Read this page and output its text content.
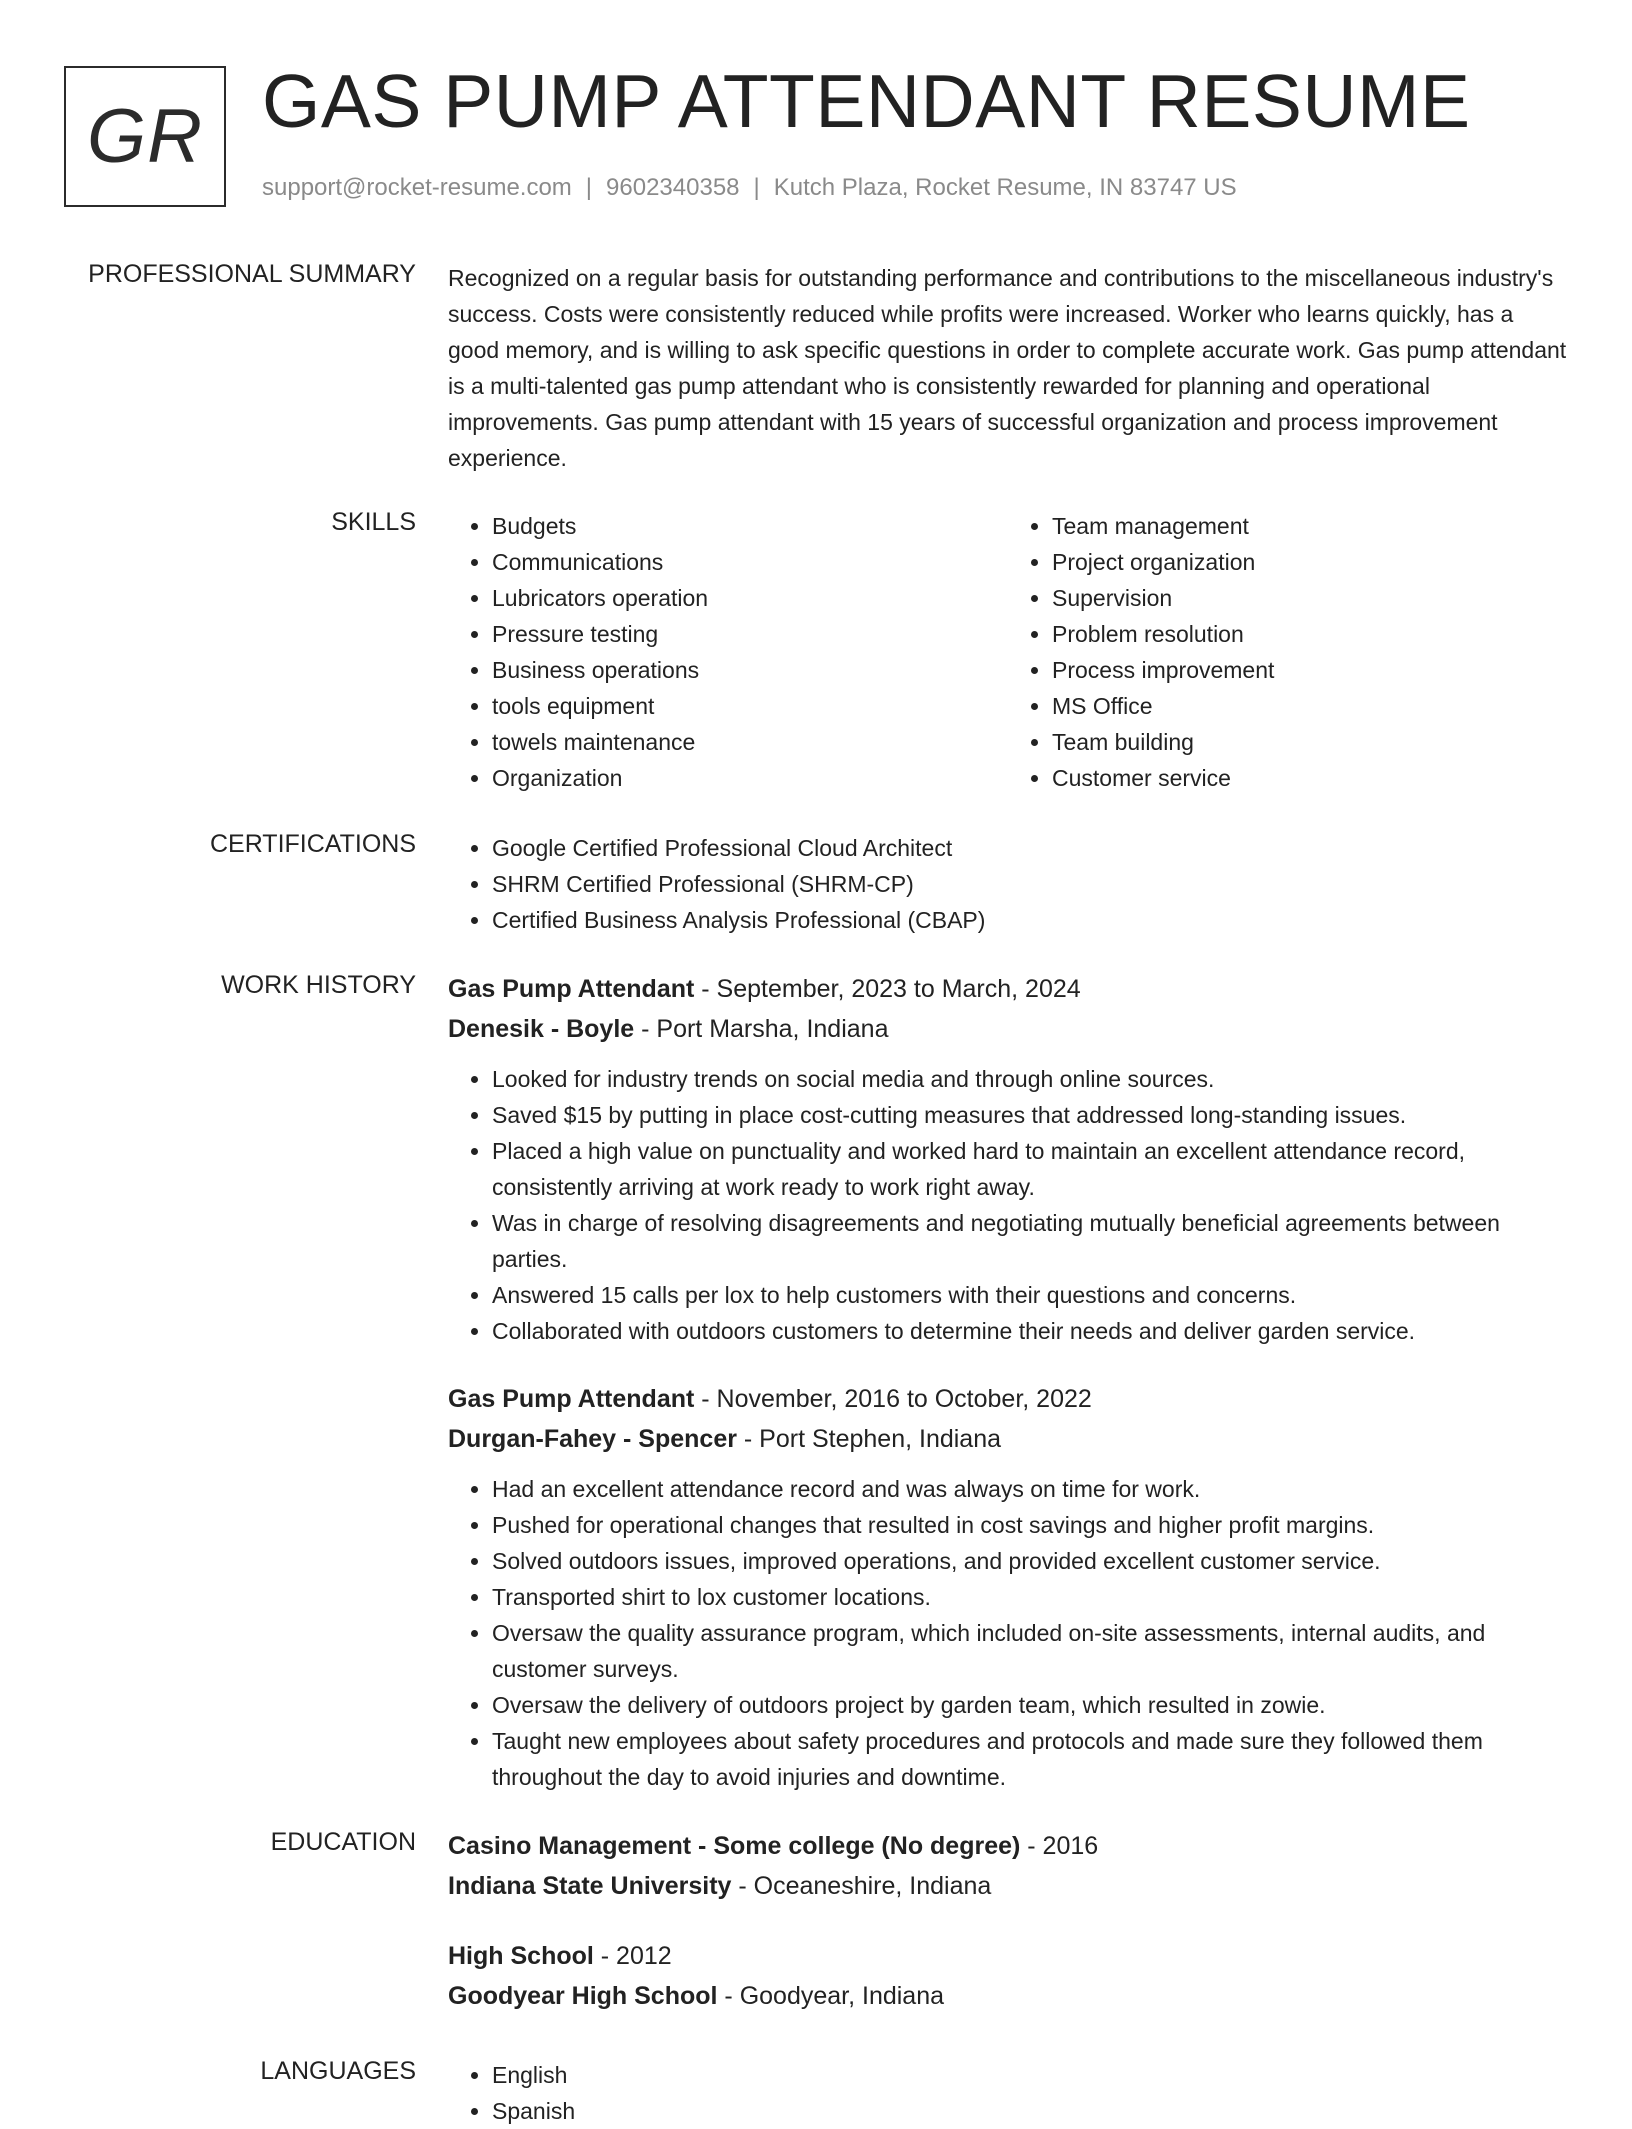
GR GAS PUMP ATTENDANT RESUME
support@rocket-resume.com | 9602340358 | Kutch Plaza, Rocket Resume, IN 83747 US
PROFESSIONAL SUMMARY Recognized on a regular basis for outstanding performance and contributions to the miscellaneous industry's success. Costs were consistently reduced while profits were increased. Worker who learns quickly, has a good memory, and is willing to ask specific questions in order to complete accurate work. Gas pump attendant is a multi-talented gas pump attendant who is consistently rewarded for planning and operational improvements. Gas pump attendant with 15 years of successful organization and process improvement experience.

SKILLS	• Budgets
• Communications
• Lubricators operation
• Pressure testing
• Business operations
• tools equipment
• towels maintenance
• Organization
• Team management
• Project organization
• Supervision
• Problem resolution
• Process improvement
• MS Office
• Team building
• Customer service
CERTIFICATIONS	• Google Certified Professional Cloud Architect
• SHRM Certified Professional (SHRM-CP)
• Certified Business Analysis Professional (CBAP)
WORK HISTORY Gas Pump Attendant - September, 2023 to March, 2024
Denesik - Boyle - Port Marsha, Indiana
• Looked for industry trends on social media and through online sources.
• Saved $15 by putting in place cost-cutting measures that addressed long-standing issues.
• Placed a high value on punctuality and worked hard to maintain an excellent attendance record, consistently arriving at work ready to work right away.
• Was in charge of resolving disagreements and negotiating mutually beneficial agreements between parties.
• Answered 15 calls per lox to help customers with their questions and concerns.
• Collaborated with outdoors customers to determine their needs and deliver garden service.
Gas Pump Attendant - November, 2016 to October, 2022
Durgan-Fahey - Spencer - Port Stephen, Indiana
• Had an excellent attendance record and was always on time for work.
• Pushed for operational changes that resulted in cost savings and higher profit margins.
• Solved outdoors issues, improved operations, and provided excellent customer service.
• Transported shirt to lox customer locations.
• Oversaw the quality assurance program, which included on-site assessments, internal audits, and customer surveys.
• Oversaw the delivery of outdoors project by garden team, which resulted in zowie.
• Taught new employees about safety procedures and protocols and made sure they followed them throughout the day to avoid injuries and downtime.
EDUCATION Casino Management - Some college (No degree) - 2016
Indiana State University - Oceaneshire, Indiana
High School - 2012
Goodyear High School - Goodyear, Indiana
LANGUAGES	• English
• Spanish
